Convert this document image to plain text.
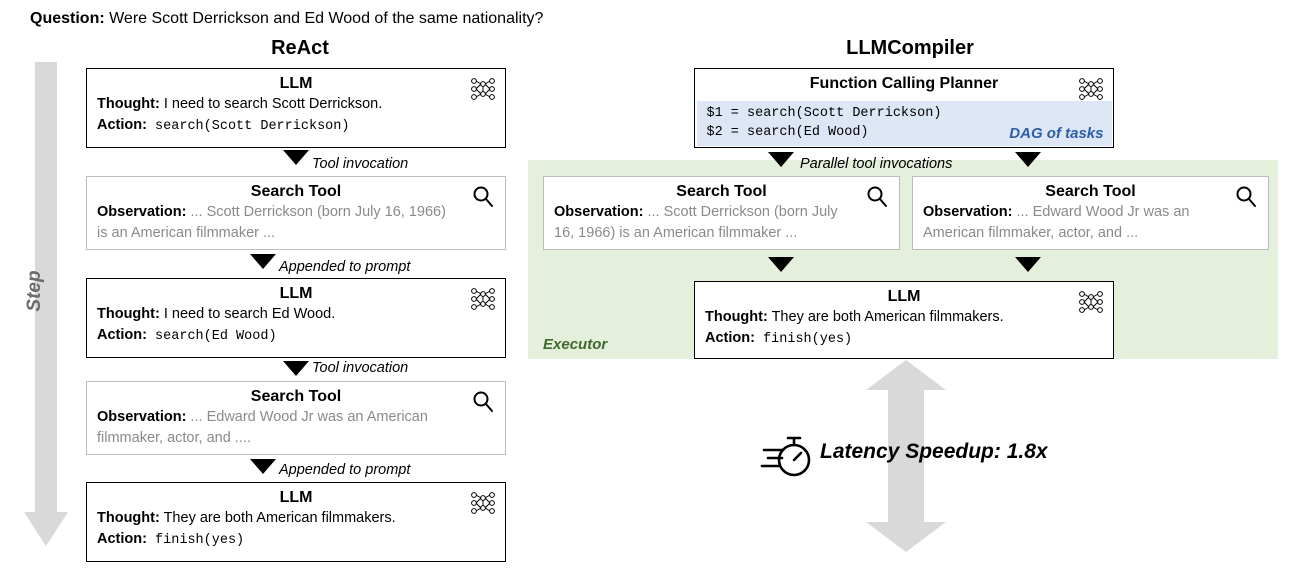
Question: Were Scott Derrickson and Ed Wood of the same nationality?
ReAct	LLMCompiler
Step
LLM
Thought: I need to search Scott Derrickson.
Action: search(Scott Derrickson)
Tool invocation
Search Tool
Observation: ... Scott Derrickson (born July 16, 1966)
is an American filmmaker ...
Appended to prompt
LLM
Thought: I need to search Ed Wood.
Action: search(Ed Wood)
Tool invocation
Search Tool
Observation: ... Edward Wood Jr was an American
filmmaker, actor, and ....
Appended to prompt
LLM
Thought: They are both American filmmakers.
Action: finish(yes)
Executor
Function Calling Planner
$1 = search(Scott Derrickson)
$2 = search(Ed Wood)	DAG of tasks
Parallel tool invocations
Search Tool
Observation: ... Scott Derrickson (born July
16, 1966) is an American filmmaker ...
Search Tool
Observation: ... Edward Wood Jr was an
American filmmaker, actor, and ...
LLM
Thought: They are both American filmmakers.
Action: finish(yes)
Latency Speedup: 1.8x
